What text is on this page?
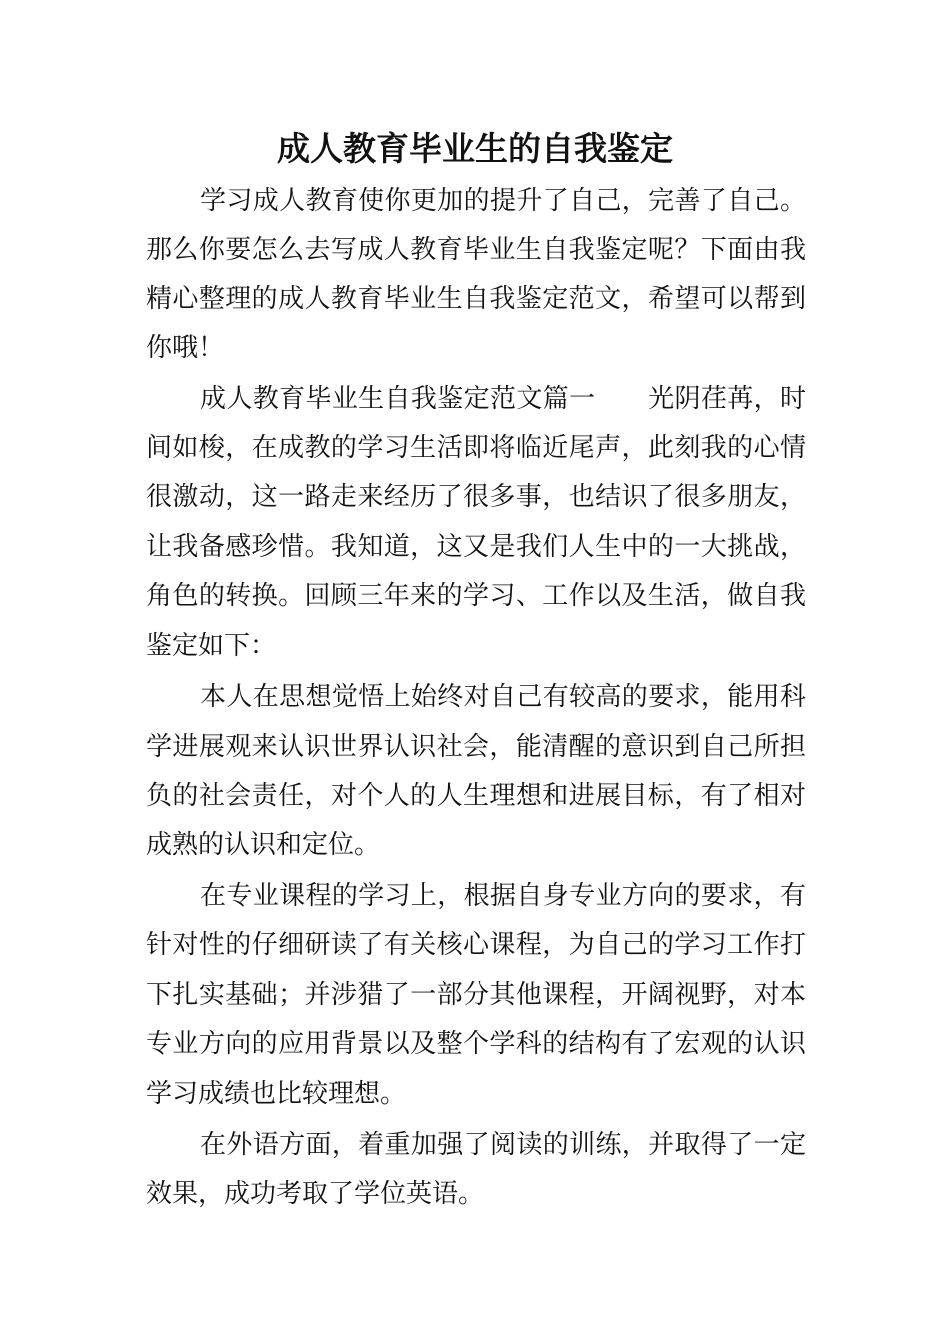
成人教育毕业生的自我鉴定

学习成人教育使你更加的提升了自己，完善了自己。

那么你要怎么去写成人教育毕业生自我鉴定呢？下面由我

精心整理的成人教育毕业生自我鉴定范文，希望可以帮到

你哦！

成人教育毕业生自我鉴定范文篇一　　光阴荏苒，时

间如梭，在成教的学习生活即将临近尾声，此刻我的心情

很激动，这一路走来经历了很多事，也结识了很多朋友，

让我备感珍惜。我知道，这又是我们人生中的一大挑战，

角色的转换。回顾三年来的学习、工作以及生活，做自我

鉴定如下：

本人在思想觉悟上始终对自己有较高的要求，能用科

学进展观来认识世界认识社会，能清醒的意识到自己所担

负的社会责任，对个人的人生理想和进展目标，有了相对

成熟的认识和定位。

在专业课程的学习上，根据自身专业方向的要求，有

针对性的仔细研读了有关核心课程，为自己的学习工作打

下扎实基础；并涉猎了一部分其他课程，开阔视野，对本

专业方向的应用背景以及整个学科的结构有了宏观的认识

学习成绩也比较理想。

在外语方面，着重加强了阅读的训练，并取得了一定

效果，成功考取了学位英语。
